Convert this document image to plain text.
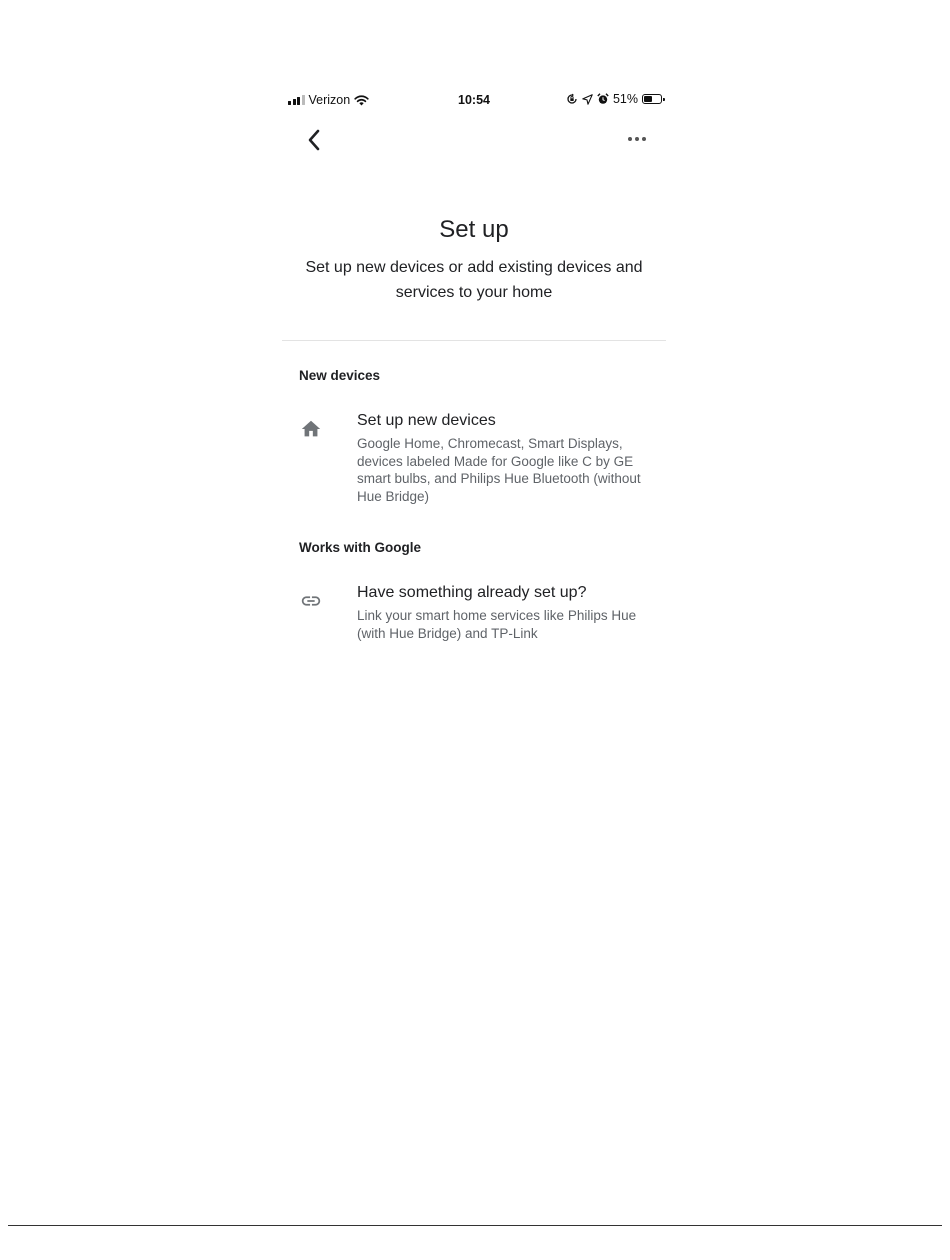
Verizon	10:54	51%
Set up
Set up new devices or add existing devices and services to your home
New devices
Set up new devices
Google Home, Chromecast, Smart Displays, devices labeled Made for Google like C by GE smart bulbs, and Philips Hue Bluetooth (without Hue Bridge)
Works with Google
Have something already set up?
Link your smart home services like Philips Hue (with Hue Bridge) and TP-Link
